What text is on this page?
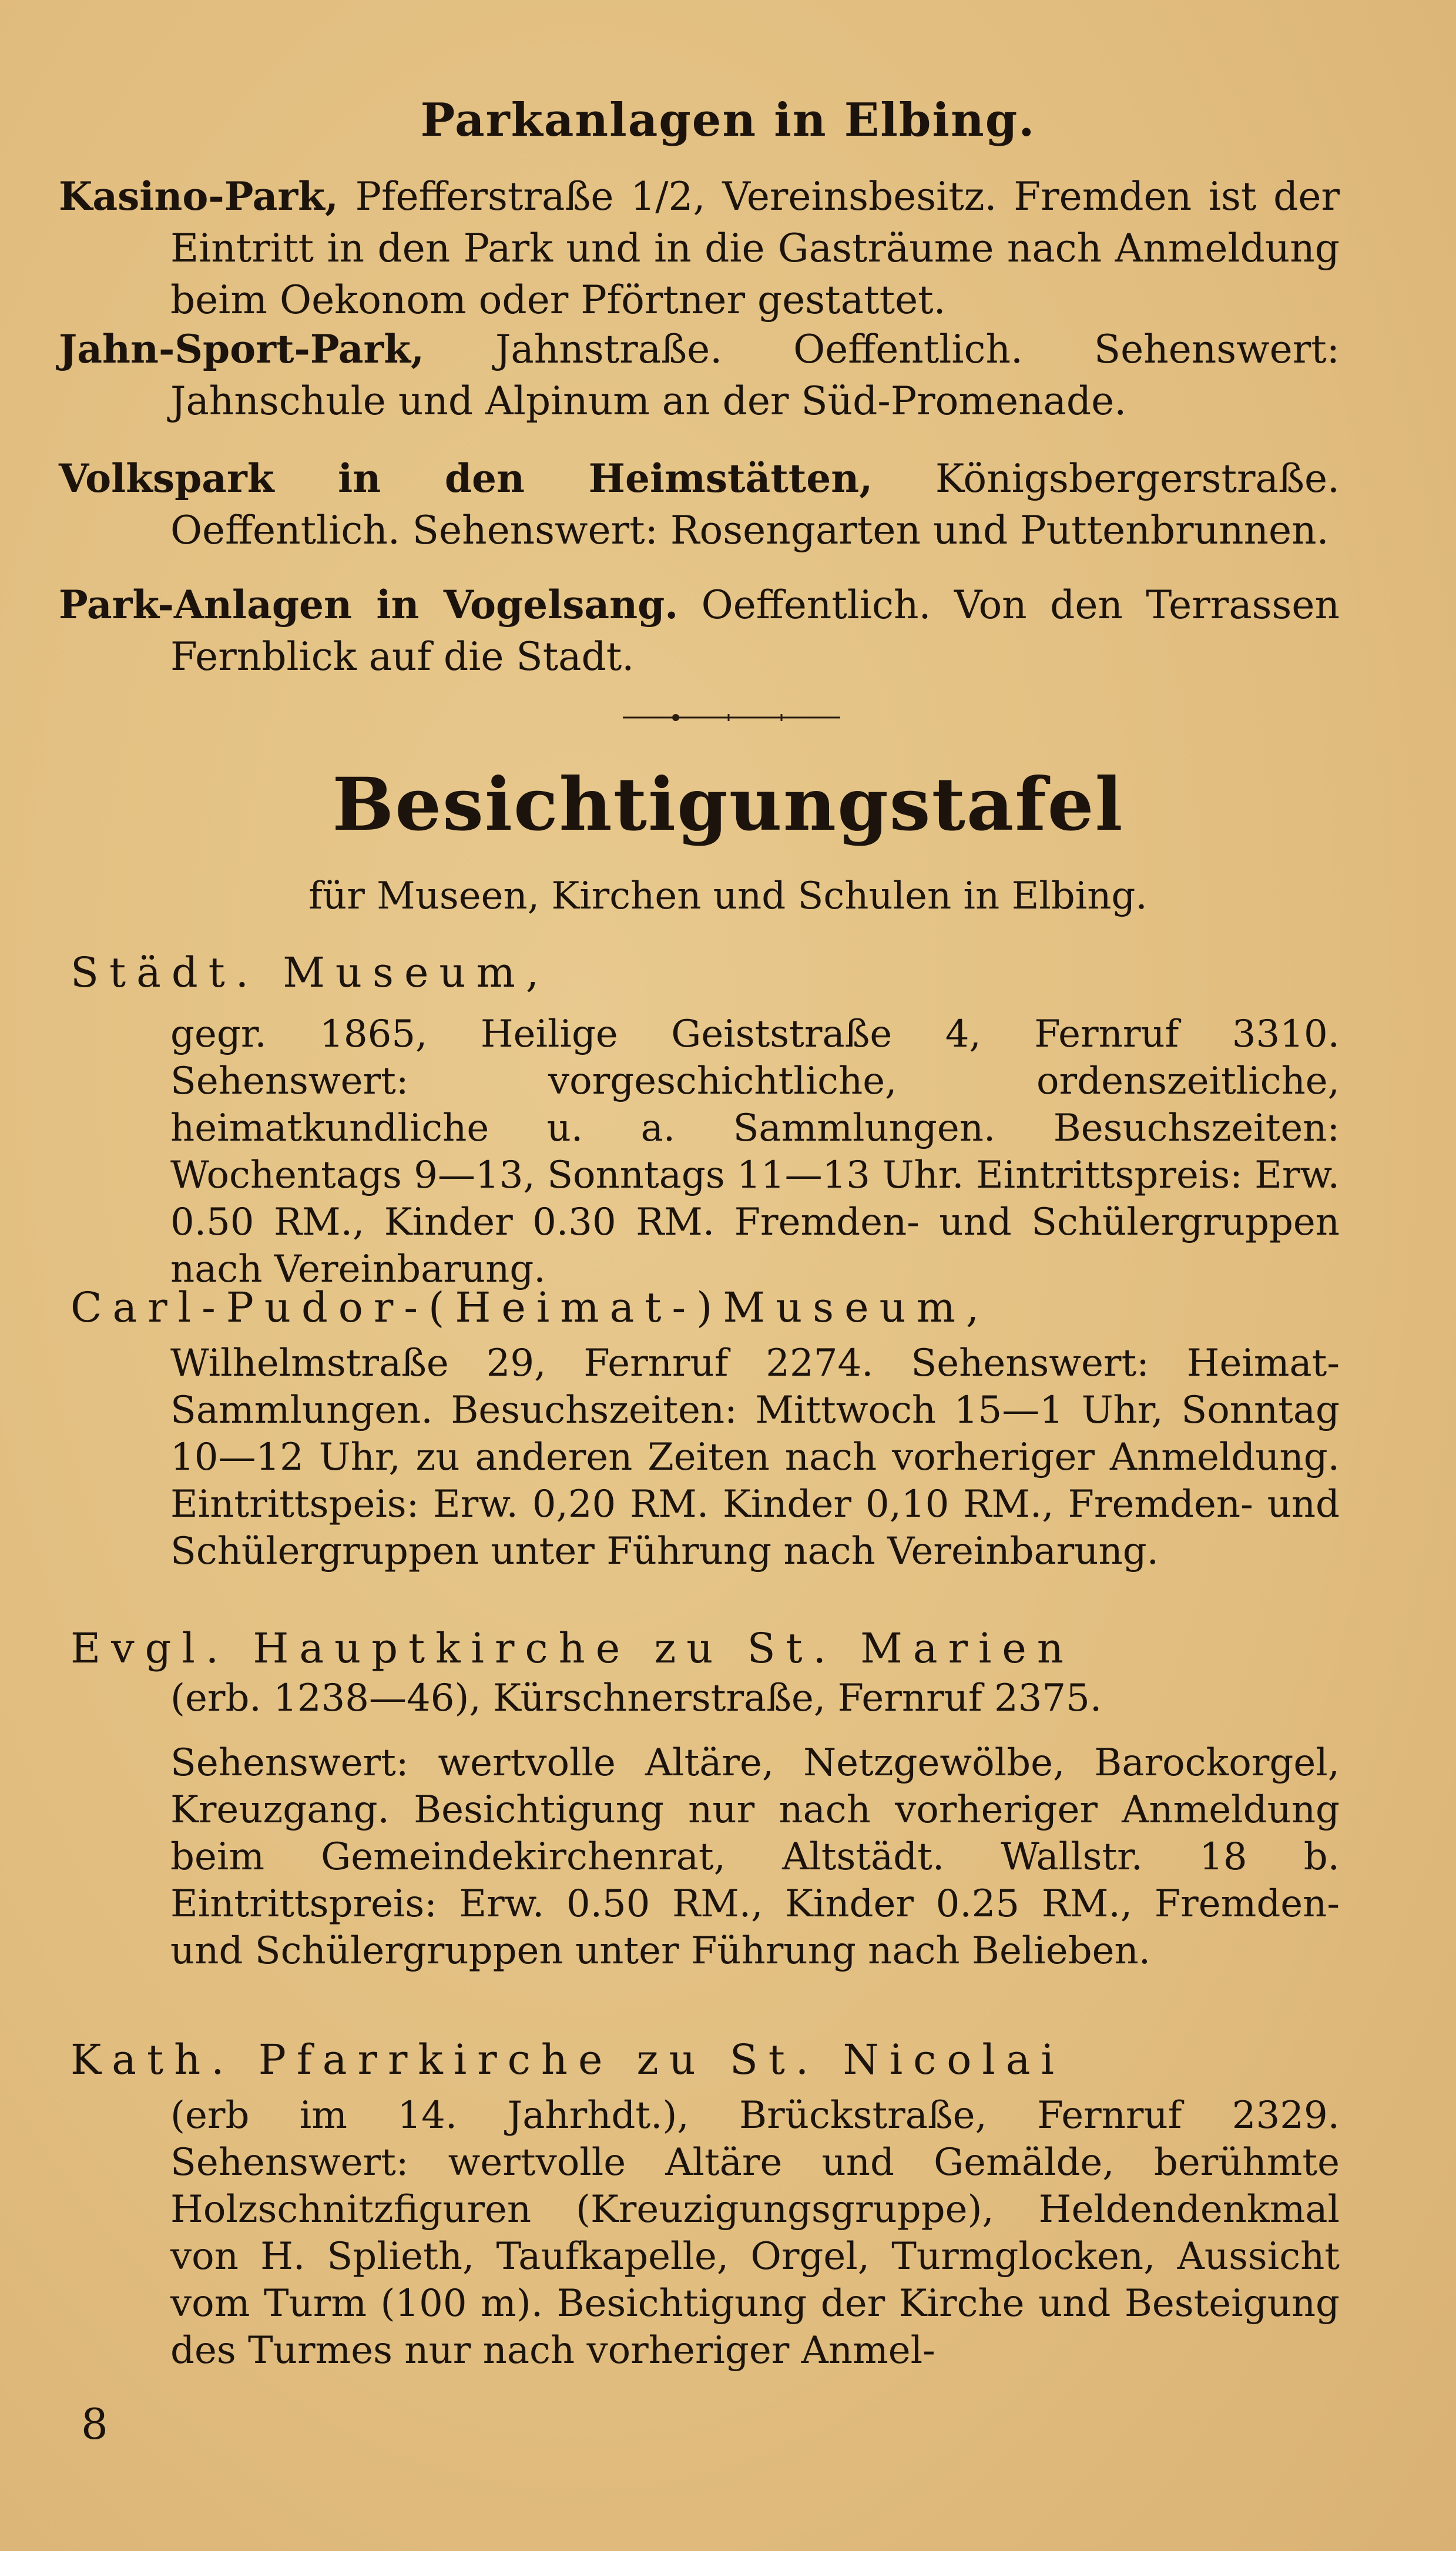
Parkanlagen in Elbing.
Kasino-Park, Pfefferstraße 1/2, Vereinsbesitz. Fremden ist der Eintritt in den Park und in die Gasträume nach Anmeldung beim Oekonom oder Pförtner gestattet.
Jahn-Sport-Park, Jahnstraße. Oeffentlich. Sehenswert: Jahnschule und Alpinum an der Süd-Promenade.
Volkspark in den Heimstätten, Königsbergerstraße. Oeffentlich. Sehenswert: Rosengarten und Puttenbrunnen.
Park-Anlagen in Vogelsang. Oeffentlich. Von den Terrassen Fernblick auf die Stadt.
Besichtigungstafel
für Museen, Kirchen und Schulen in Elbing.
Städt. Museum,

gegr. 1865, Heilige Geiststraße 4, Fernruf 3310. Sehenswert: vorgeschichtliche, ordenszeitliche, heimatkundliche u. a. Sammlungen. Besuchszeiten: Wochentags 9—13, Sonntags 11—13 Uhr. Eintrittspreis: Erw. 0.50 RM., Kinder 0.30 RM. Fremden- und Schülergruppen nach Vereinbarung.

Carl-Pudor-(Heimat-)Museum,

Wilhelmstraße 29, Fernruf 2274. Sehenswert: Heimat-Sammlungen. Besuchszeiten: Mittwoch 15—1 Uhr, Sonntag 10—12 Uhr, zu anderen Zeiten nach vorheriger Anmeldung. Eintrittspeis: Erw. 0,20 RM. Kinder 0,10 RM., Fremden- und Schülergruppen unter Führung nach Vereinbarung.

Evgl. Hauptkirche zu St. Marien

(erb. 1238—46), Kürschnerstraße, Fernruf 2375.

Sehenswert: wertvolle Altäre, Netzgewölbe, Barockorgel, Kreuzgang. Besichtigung nur nach vorheriger Anmeldung beim Gemeindekirchenrat, Altstädt. Wallstr. 18 b. Eintrittspreis: Erw. 0.50 RM., Kinder 0.25 RM., Fremden- und Schülergruppen unter Führung nach Belieben.

Kath. Pfarrkirche zu St. Nicolai

(erb im 14. Jahrhdt.), Brückstraße, Fernruf 2329. Sehenswert: wertvolle Altäre und Gemälde, berühmte Holzschnitzfiguren (Kreuzigungsgruppe), Heldendenkmal von H. Splieth, Taufkapelle, Orgel, Turmglocken, Aussicht vom Turm (100 m). Besichtigung der Kirche und Besteigung des Turmes nur nach vorheriger Anmel-

8
